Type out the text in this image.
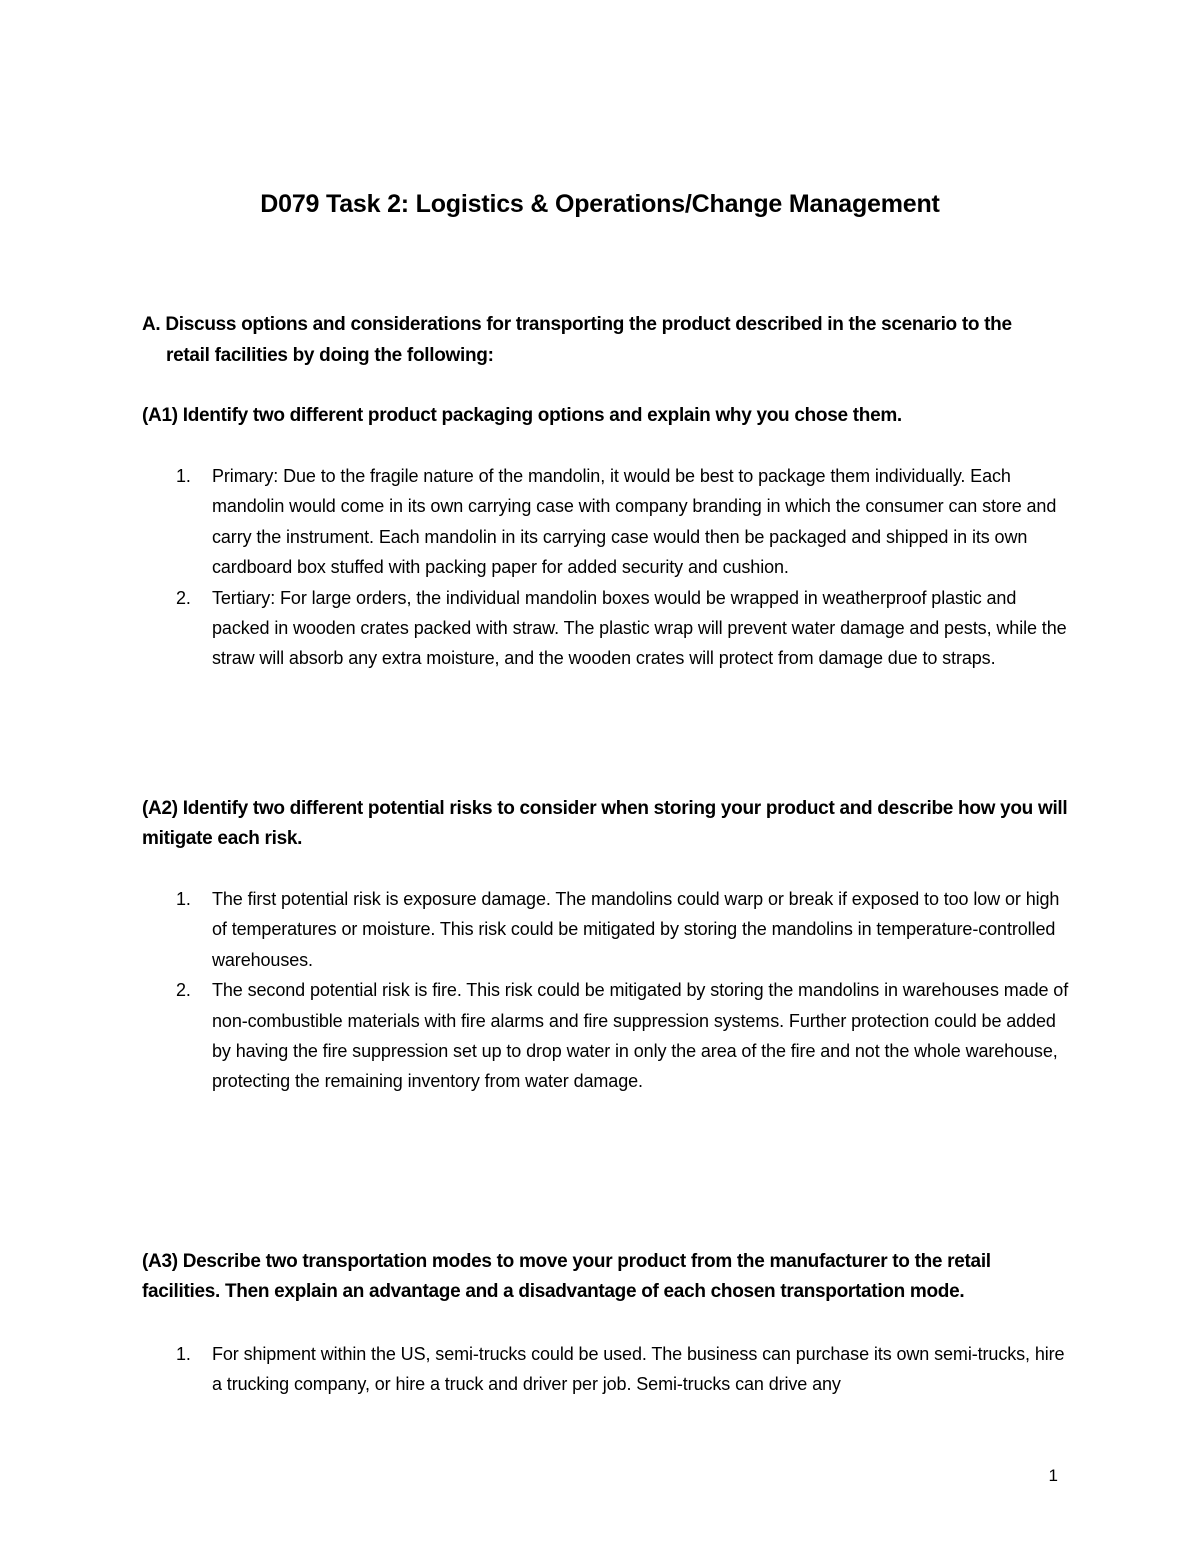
D079 Task 2: Logistics & Operations/Change Management
A. Discuss options and considerations for transporting the product described in the scenario to the
retail facilities by doing the following:
(A1) Identify two different product packaging options and explain why you chose them.
1. Primary: Due to the fragile nature of the mandolin, it would be best to package them individually. Each mandolin would come in its own carrying case with company branding in which the consumer can store and carry the instrument. Each mandolin in its carrying case would then be packaged and shipped in its own cardboard box stuffed with packing paper for added security and cushion.
2. Tertiary: For large orders, the individual mandolin boxes would be wrapped in weatherproof plastic and packed in wooden crates packed with straw. The plastic wrap will prevent water damage and pests, while the straw will absorb any extra moisture, and the wooden crates will protect from damage due to straps.
(A2) Identify two different potential risks to consider when storing your product and describe how you will mitigate each risk.
1. The first potential risk is exposure damage. The mandolins could warp or break if exposed to too low or high of temperatures or moisture. This risk could be mitigated by storing the mandolins in temperature-controlled warehouses.
2. The second potential risk is fire. This risk could be mitigated by storing the mandolins in warehouses made of non-combustible materials with fire alarms and fire suppression systems. Further protection could be added by having the fire suppression set up to drop water in only the area of the fire and not the whole warehouse, protecting the remaining inventory from water damage.
(A3) Describe two transportation modes to move your product from the manufacturer to the retail facilities. Then explain an advantage and a disadvantage of each chosen transportation mode.
1. For shipment within the US, semi-trucks could be used. The business can purchase its own semi-trucks, hire a trucking company, or hire a truck and driver per job. Semi-trucks can drive any
1
